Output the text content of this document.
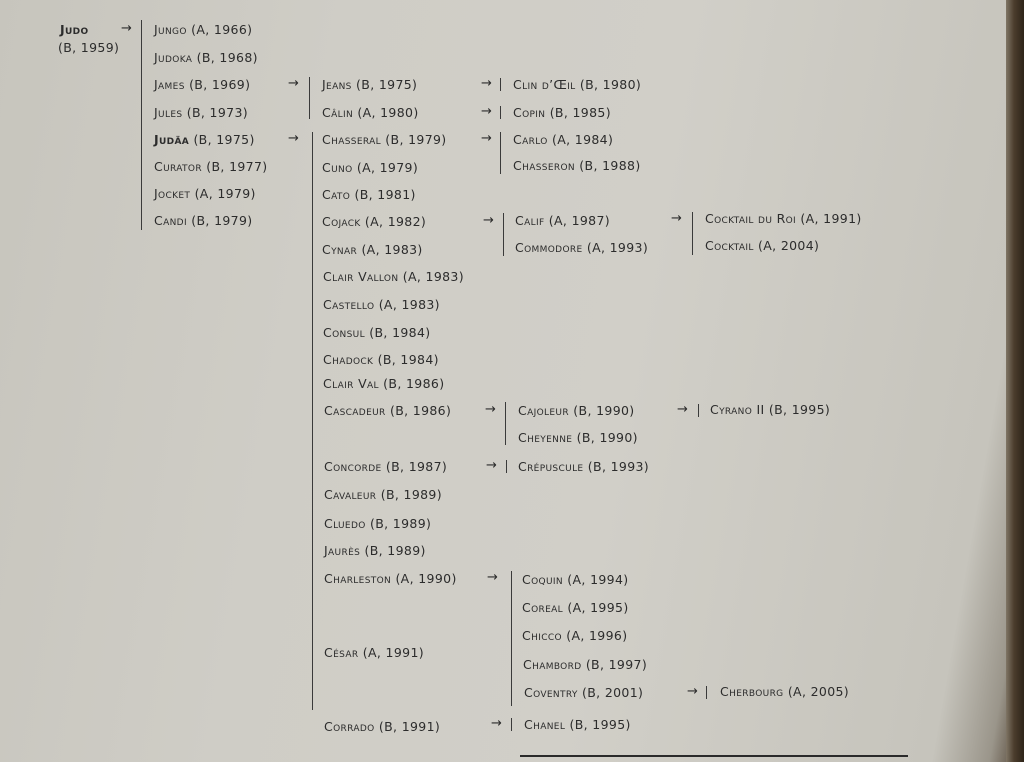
Judo
(B, 1959)
→ Jungo (A, 1966)
Judoka (B, 1968)
James (B, 1969)
Jules (B, 1973)
Judäa (B, 1975)
Curator (B, 1977)
Jocket (A, 1979)
Candi (B, 1979)
→
→
Jeans (B, 1975)
Câlin (A, 1980)
Chasseral (B, 1979)
Cuno (A, 1979)
Cato (B, 1981)
Cojack (A, 1982)
Cynar (A, 1983)
Clair Vallon (A, 1983)
Castello (A, 1983)
Consul (B, 1984)
Chadock (B, 1984)
Clair Val (B, 1986)
Cascadeur (B, 1986)
Concorde (B, 1987)
Cavaleur (B, 1989)
Cluedo (B, 1989)
Jaurès (B, 1989)
Charleston (A, 1990)
César (A, 1991)
Corrado (B, 1991)
→
→
→
→
→
→
→
→
Clin d’Œil (B, 1980)
Copin (B, 1985)
Carlo (A, 1984)
Chasseron (B, 1988)
Calif (A, 1987)
Commodore (A, 1993)
Cajoleur (B, 1990)
Cheyenne (B, 1990)
Crépuscule (B, 1993)
Coquin (A, 1994)
Coreal (A, 1995)
Chicco (A, 1996)
Chambord (B, 1997)
Coventry (B, 2001)
Chanel (B, 1995)
→
→
→
Cocktail du Roi (A, 1991)
Cocktail (A, 2004)
Cyrano II (B, 1995)
Cherbourg (A, 2005)
